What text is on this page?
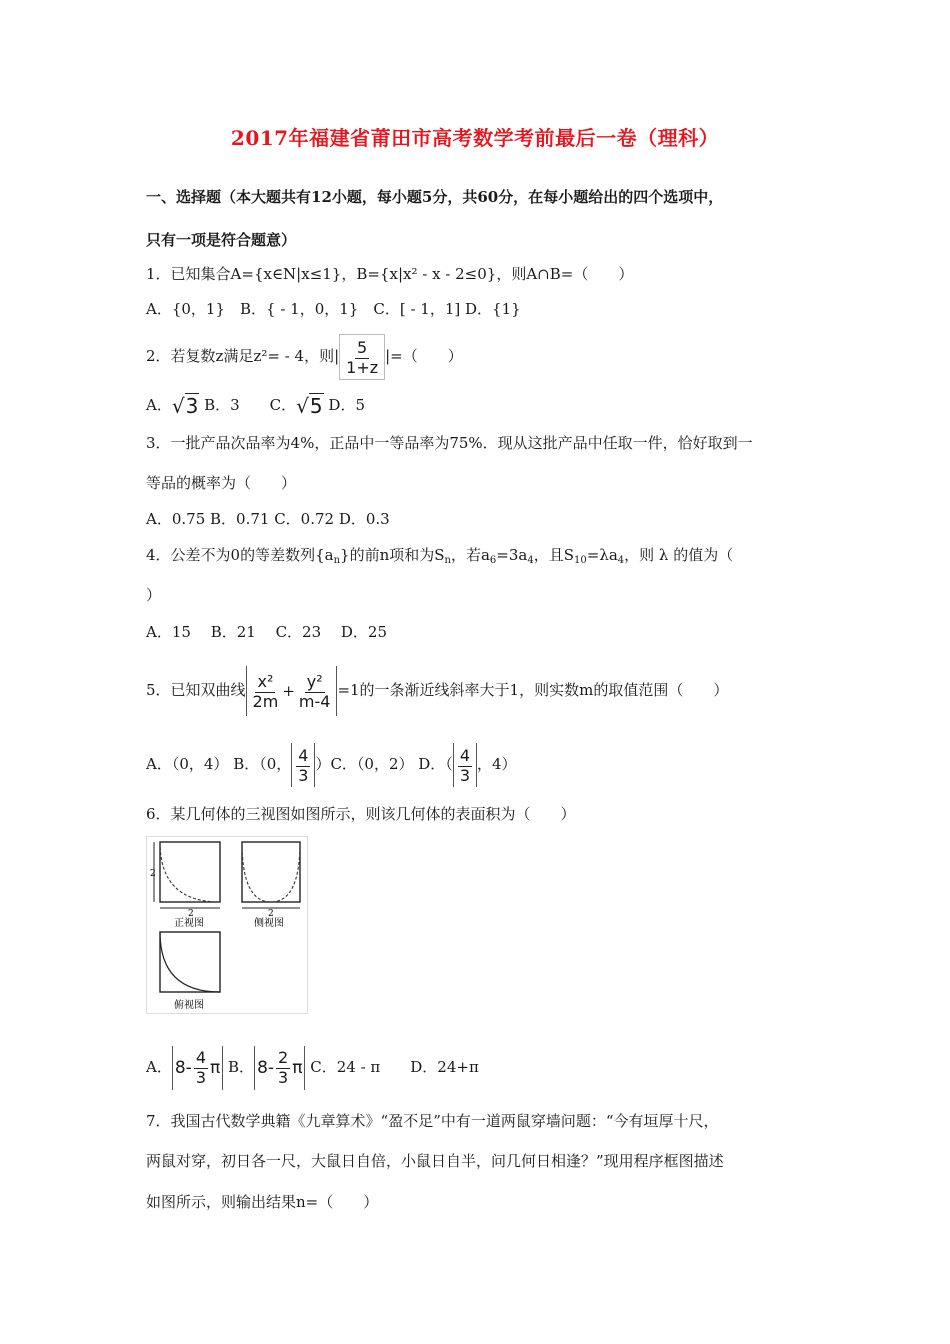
2017年福建省莆田市高考数学考前最后一卷（理科）
一、选择题（本大题共有12小题，每小题5分，共60分，在每小题给出的四个选项中，
只有一项是符合题意）
1．已知集合A={x∈N|x≤1}，B={x|x² - x - 2≤0}，则A∩B=（　　）
A．{0，1}　B．{ - 1，0，1}　C．[ - 1，1] D．{1}
2．若复数z满足z²= - 4，则| $\frac{5}{1+z}$ |=（　　）
A．√3 B．3　　C．√5 D．5
3．一批产品次品率为4%，正品中一等品率为75%．现从这批产品中任取一件，恰好取到一
等品的概率为（　　）
A．0.75 B．0.71 C．0.72 D．0.3
4．公差不为0的等差数列$\{a_n\}$的前n项和为$S_n$，若$a_6=3a_4$，且$S_{10}=\lambda a_4$，则 λ 的值为（
）
A．15　 B．21　 C．23　 D．25
5．已知双曲线 $\frac{\text{x²}}{2m} + \frac{\text{y²}}{m-4} =1$的一条渐近线斜率大于1，则实数m的取值范围（　　）
A．（0，4） B．（0， $\frac{4}{3} )C$．（0，2） D．（ $\frac{4}{3}$ ，4）
6．某几何体的三视图如图所示，则该几何体的表面积为（　　）
2
2
正视图
2
侧视图
俯视图
A． $8- \frac{4}{3}$ π B． $8- \frac{2}{3}$ π C．24 - π　　D．24+π
7．我国古代数学典籍《九章算术》“盈不足”中有一道两鼠穿墙问题：“今有垣厚十尺，
两鼠对穿，初日各一尺，大鼠日自倍，小鼠日自半，问几何日相逢？”现用程序框图描述
如图所示，则输出结果n=（　　）
